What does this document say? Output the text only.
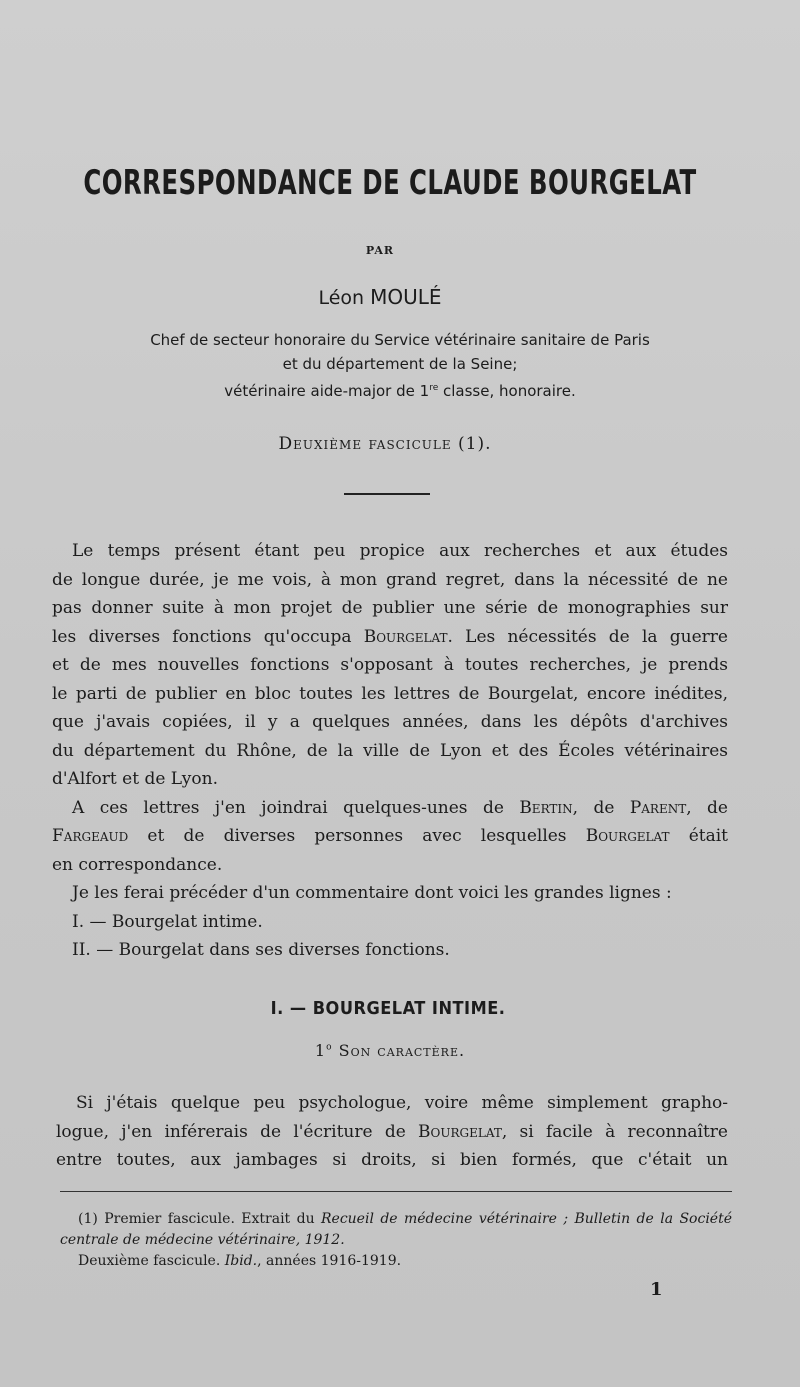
CORRESPONDANCE DE CLAUDE BOURGELAT
PAR
Léon MOULÉ
Chef de secteur honoraire du Service vétérinaire sanitaire de Paris
et du département de la Seine;
vétérinaire aide-major de 1re classe, honoraire.
Deuxième fascicule (1).

Le temps présent étant peu propice aux recherches et aux études
de longue durée, je me vois, à mon grand regret, dans la nécessité de ne
pas donner suite à mon projet de publier une série de monographies sur
les diverses fonctions qu'occupa Bourgelat. Les nécessités de la guerre
et de mes nouvelles fonctions s'opposant à toutes recherches, je prends
le parti de publier en bloc toutes les lettres de Bourgelat, encore inédites,
que j'avais copiées, il y a quelques années, dans les dépôts d'archives
du département du Rhône, de la ville de Lyon et des Écoles vétérinaires
d'Alfort et de Lyon.

A ces lettres j'en joindrai quelques-unes de Bertin, de Parent, de
Fargeaud et de diverses personnes avec lesquelles Bourgelat était
en correspondance.

Je les ferai précéder d'un commentaire dont voici les grandes lignes :

I. — Bourgelat intime.

II. — Bourgelat dans ses diverses fonctions.

I. — BOURGELAT INTIME.
1$^o$ Son caractère.
Si j'étais quelque peu psychologue, voire même simplement grapho-
logue, j'en inférerais de l'écriture de Bourgelat, si facile à reconnaître
entre toutes, aux jambages si droits, si bien formés, que c'était un

(1) Premier fascicule. Extrait du Recueil de médecine vétérinaire ; Bulletin de la Société centrale de médecine vétérinaire, 1912.

Deuxième fascicule. Ibid., années 1916-1919.

1
